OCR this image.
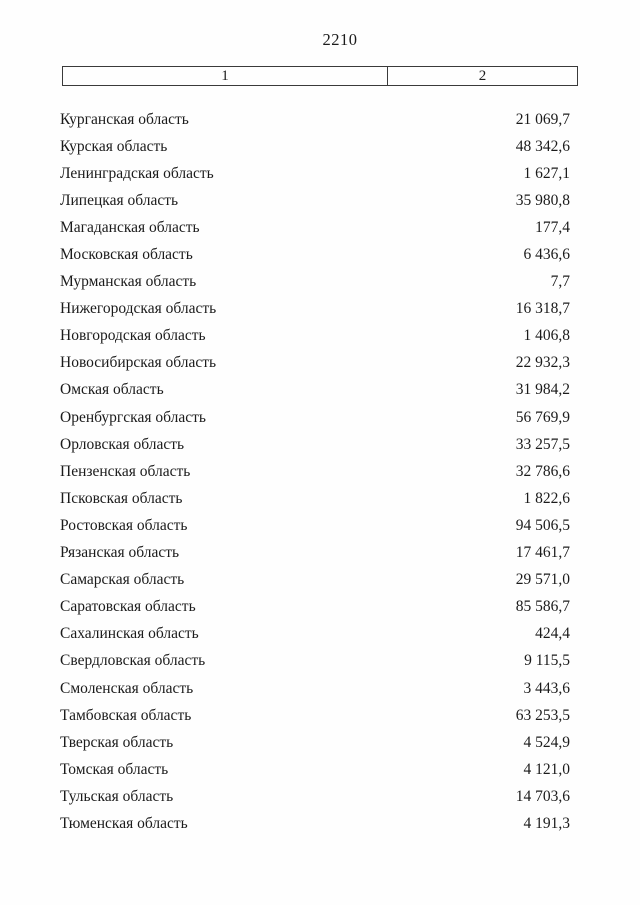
2210
1	2
Курганская область	21 069,7
Курская область	48 342,6
Ленинградская область	1 627,1
Липецкая область	35 980,8
Магаданская область	177,4
Московская область	6 436,6
Мурманская область	7,7
Нижегородская область	16 318,7
Новгородская область	1 406,8
Новосибирская область	22 932,3
Омская область	31 984,2
Оренбургская область	56 769,9
Орловская область	33 257,5
Пензенская область	32 786,6
Псковская область	1 822,6
Ростовская область	94 506,5
Рязанская область	17 461,7
Самарская область	29 571,0
Саратовская область	85 586,7
Сахалинская область	424,4
Свердловская область	9 115,5
Смоленская область	3 443,6
Тамбовская область	63 253,5
Тверская область	4 524,9
Томская область	4 121,0
Тульская область	14 703,6
Тюменская область	4 191,3
